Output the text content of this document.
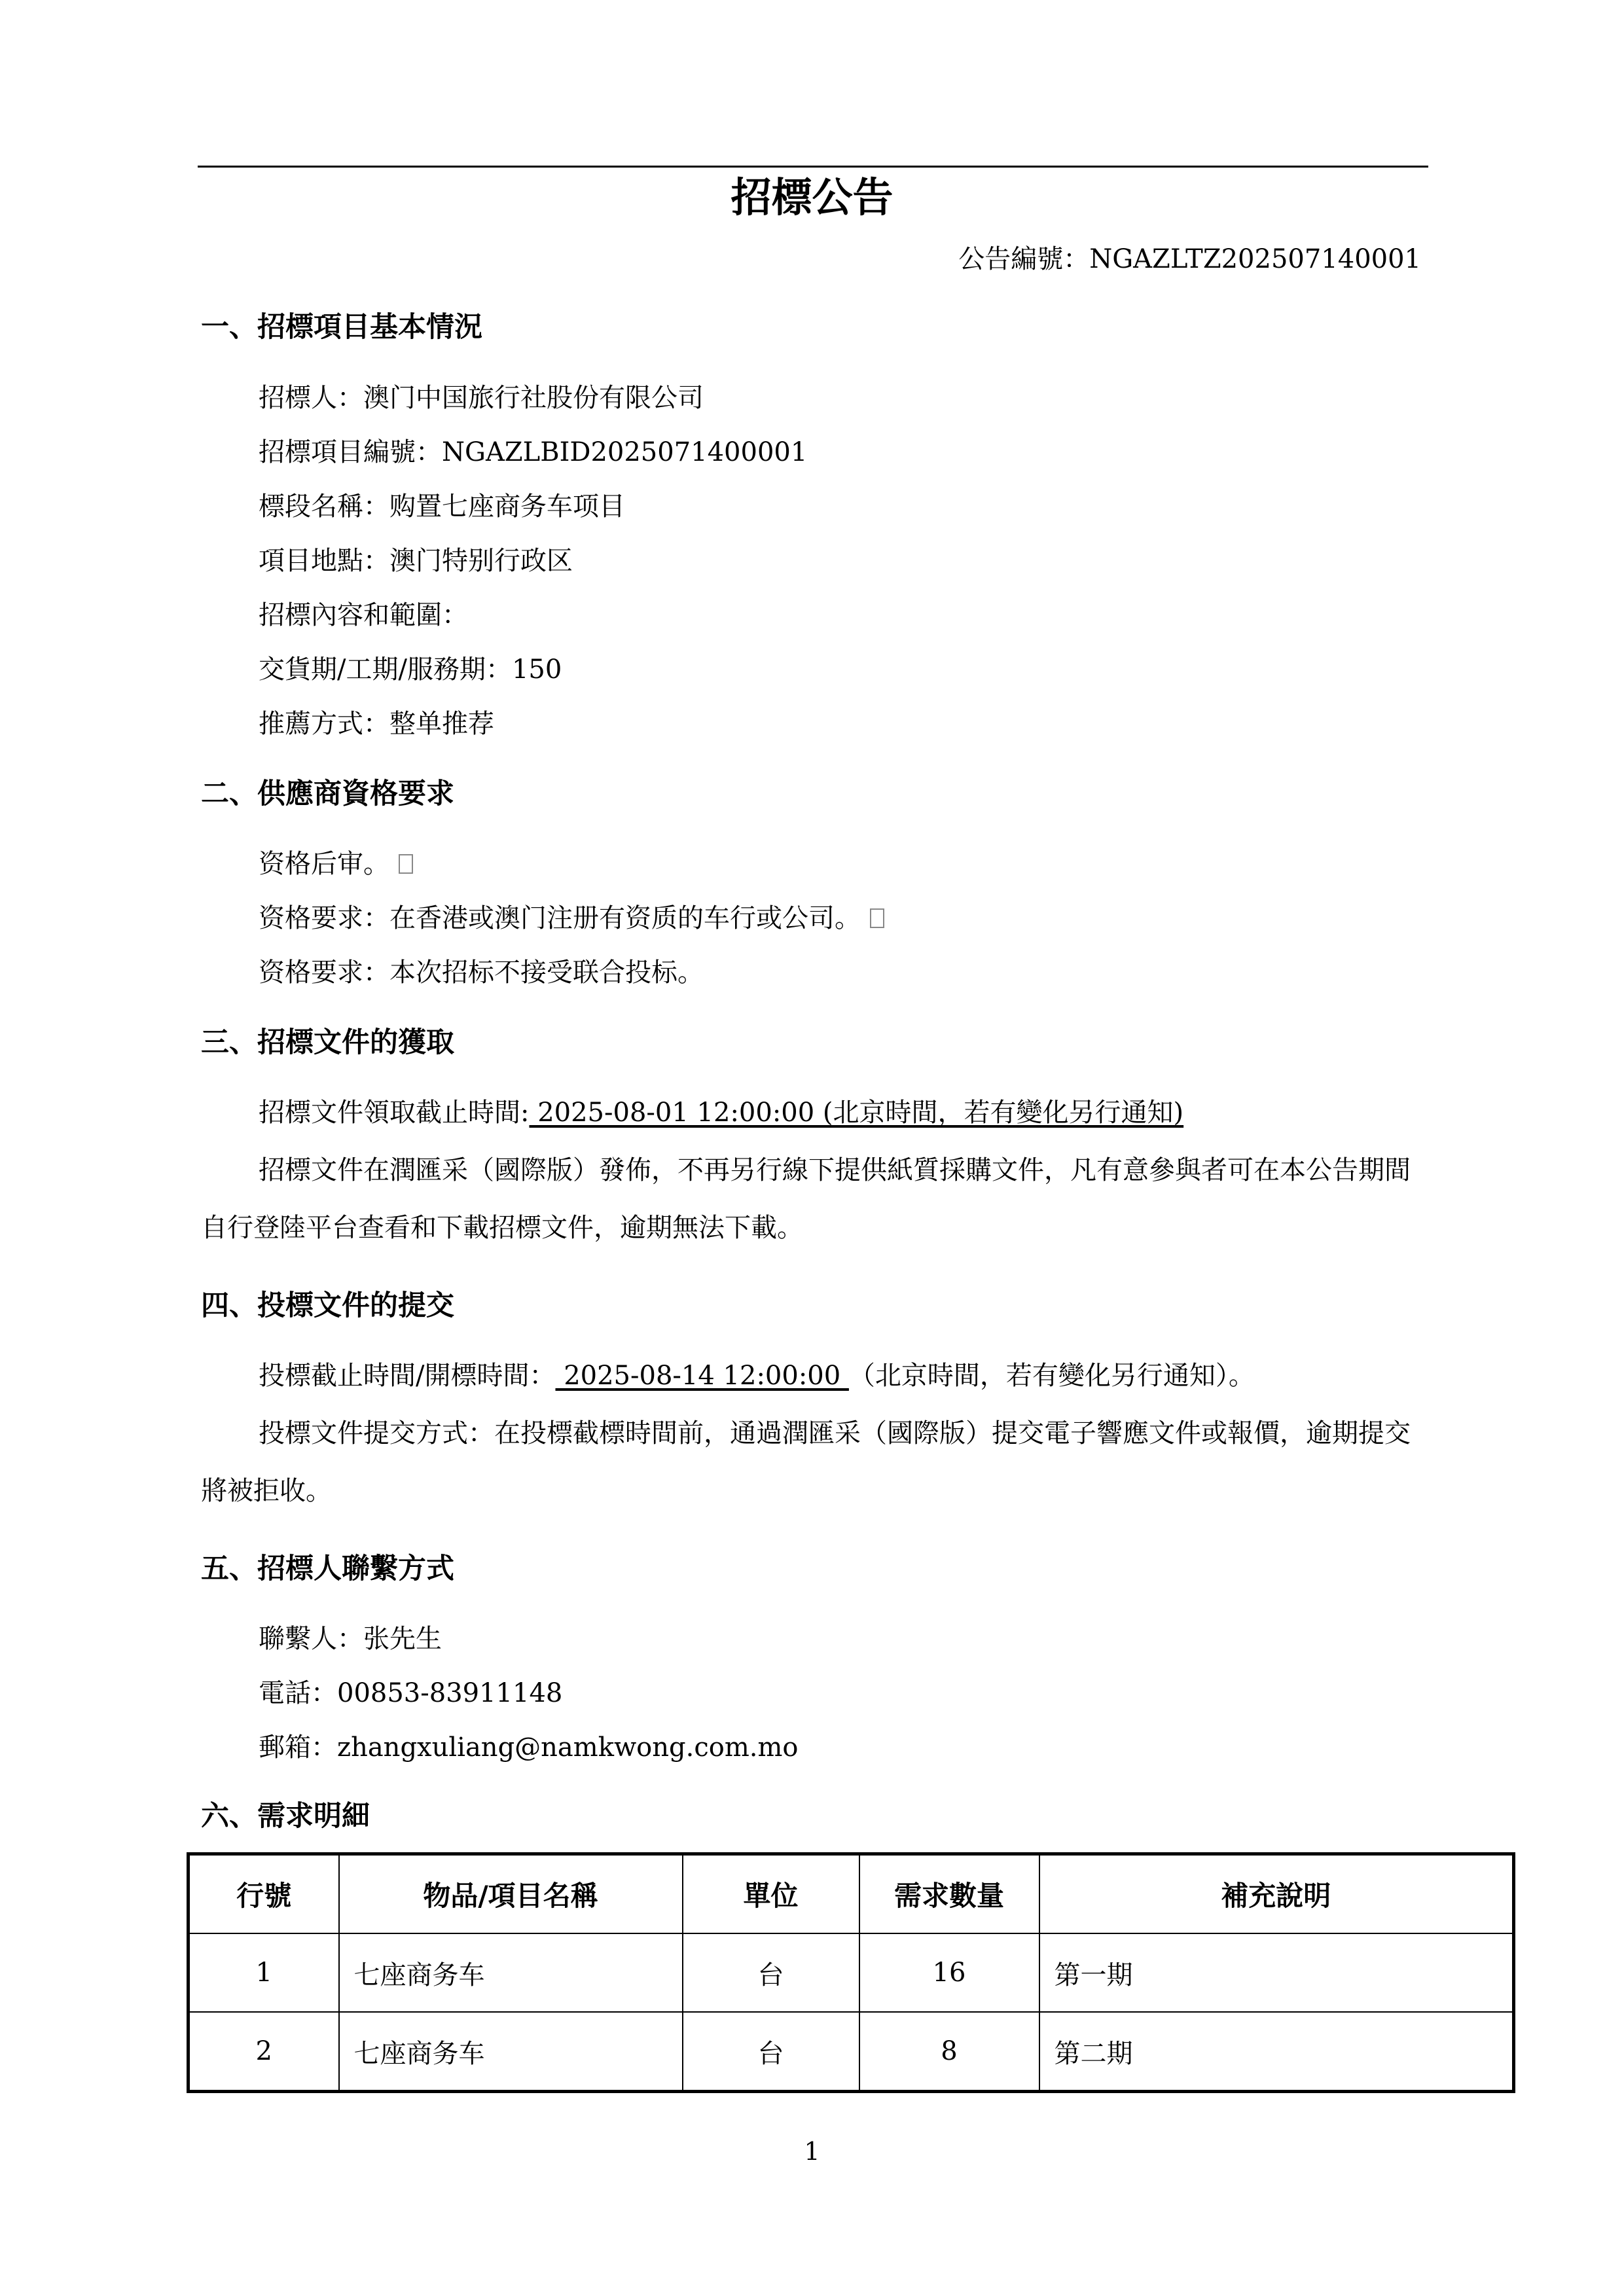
招標公告
公告編號：NGAZLTZ202507140001
一、招標項目基本情況
招標人：澳门中国旅行社股份有限公司
招標項目編號：NGAZLBID2025071400001
標段名稱：购置七座商务车项目
項目地點：澳门特别行政区
招標內容和範圍：
交貨期/工期/服務期：150
推薦方式：整单推荐
二、供應商資格要求
资格后审。
资格要求：在香港或澳门注册有资质的车行或公司。
资格要求：本次招标不接受联合投标。
三、招標文件的獲取
招標文件領取截止時間: 2025-08-01 12:00:00 (北京時間，若有變化另行通知)
招標文件在潤匯采（國際版）發佈，不再另行線下提供紙質採購文件，凡有意參與者可在本公告期間自行登陸平台查看和下載招標文件，逾期無法下載。
四、投標文件的提交
投標截止時間/開標時間： 2025-08-14 12:00:00 （北京時間，若有變化另行通知）。
投標文件提交方式：在投標截標時間前，通過潤匯采（國際版）提交電子響應文件或報價，逾期提交將被拒收。
五、招標人聯繫方式
聯繫人：张先生
電話：00853-83911148
郵箱：zhangxuliang@namkwong.com.mo
六、需求明細
行號	物品/項目名稱	單位	需求數量	補充說明
1	七座商务车	台	16	第一期
2	七座商务车	台	8	第二期
1
